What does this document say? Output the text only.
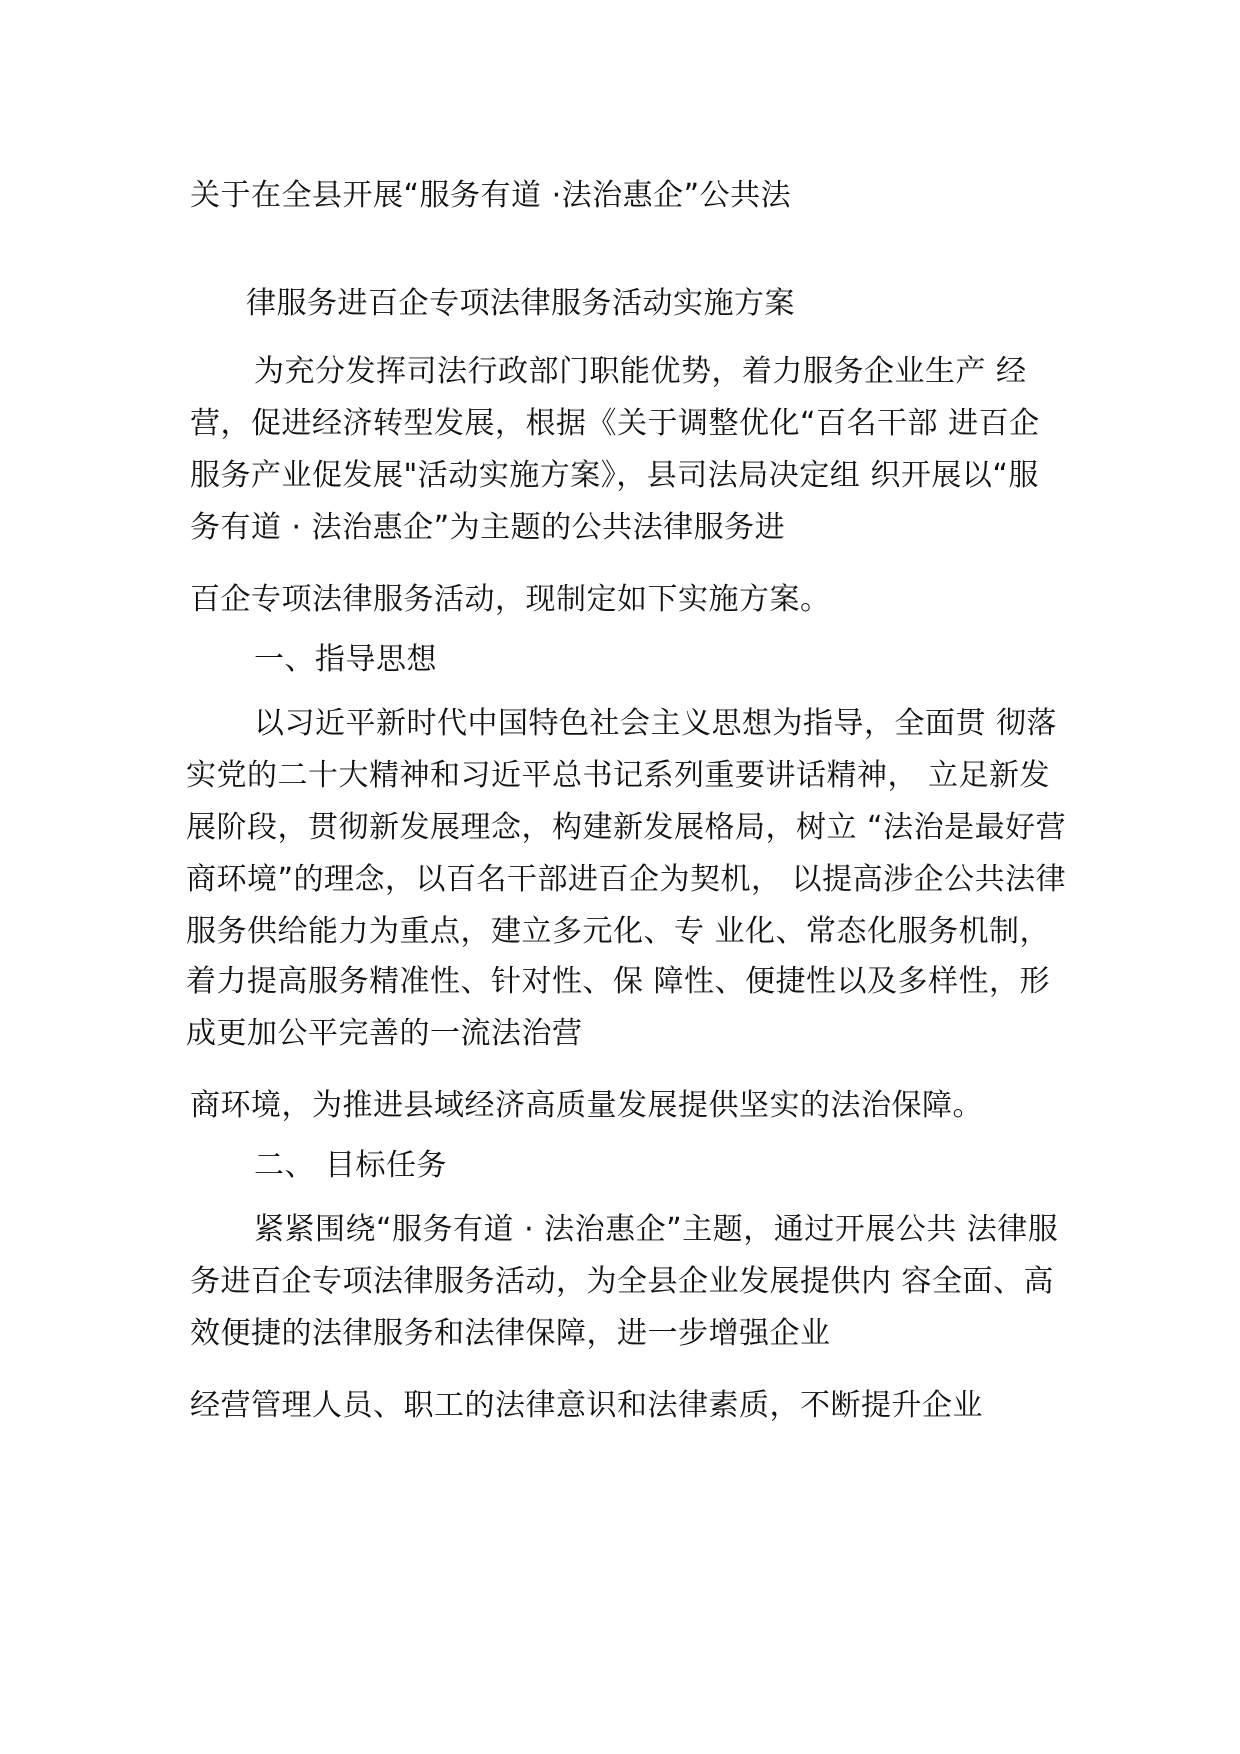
关于在全县开展“服务有道 ·法治惠企”公共法
律服务进百企专项法律服务活动实施方案
为充分发挥司法行政部门职能优势，着力服务企业生产 经
营，促进经济转型发展，根据《关于调整优化“百名干部 进百企
服务产业促发展"活动实施方案》，县司法局决定组 织开展以“服
务有道 · 法治惠企”为主题的公共法律服务进
百企专项法律服务活动，现制定如下实施方案。
一、指导思想
以习近平新时代中国特色社会主义思想为指导，全面贯 彻落
实党的二十大精神和习近平总书记系列重要讲话精神， 立足新发
展阶段，贯彻新发展理念，构建新发展格局，树立 “法治是最好营
商环境”的理念，以百名干部进百企为契机， 以提高涉企公共法律
服务供给能力为重点，建立多元化、专 业化、常态化服务机制，
着力提高服务精准性、针对性、保 障性、便捷性以及多样性，形
成更加公平完善的一流法治营
商环境，为推进县域经济高质量发展提供坚实的法治保障。
二、 目标任务
紧紧围绕“服务有道 · 法治惠企”主题，通过开展公共 法律服
务进百企专项法律服务活动，为全县企业发展提供内 容全面、高
效便捷的法律服务和法律保障，进一步增强企业
经营管理人员、职工的法律意识和法律素质，不断提升企业
